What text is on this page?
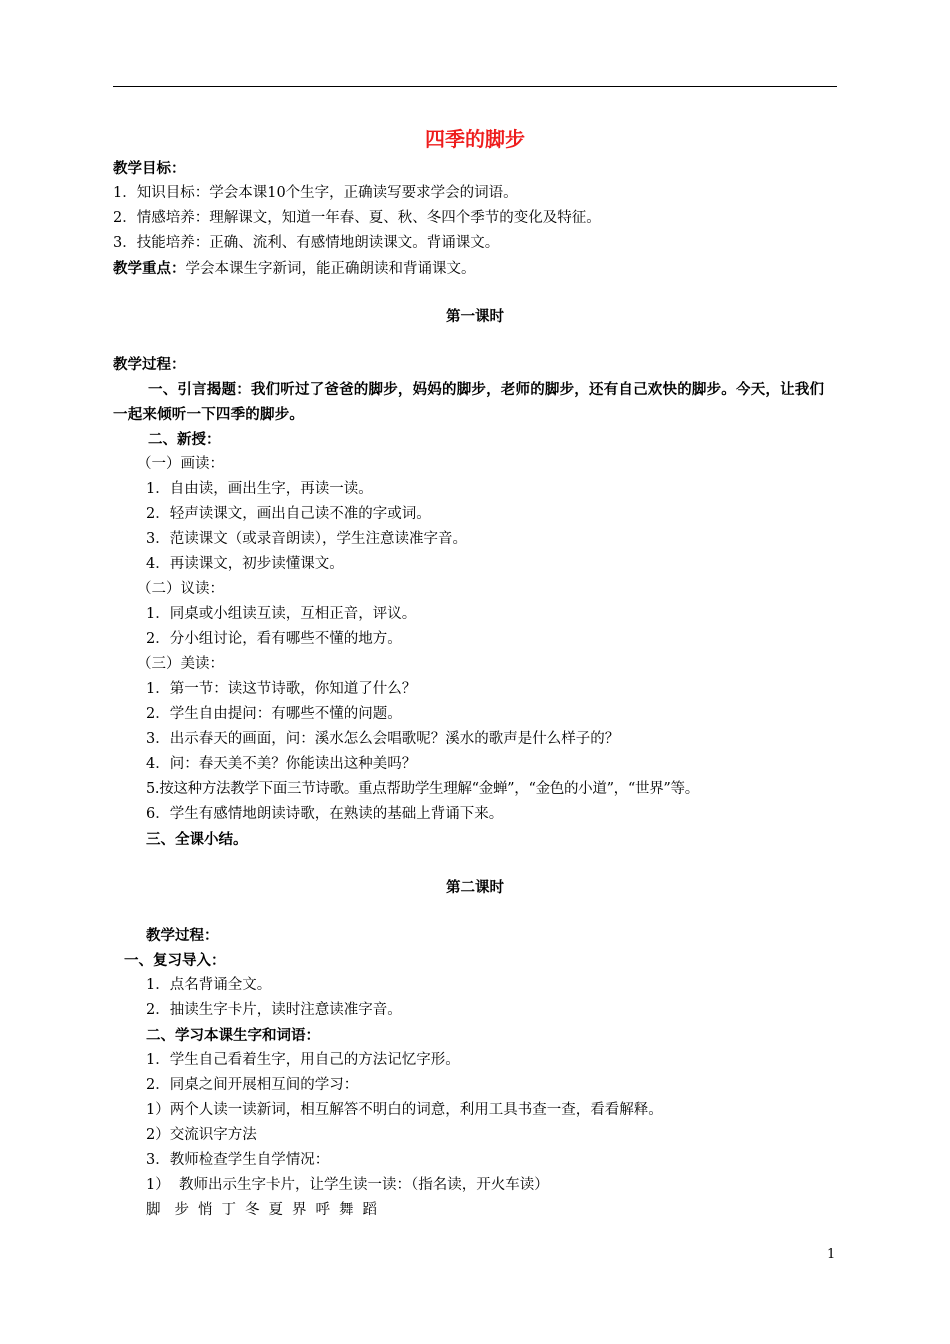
四季的脚步
教学目标：
1．知识目标：学会本课10个生字，正确读写要求学会的词语。
2．情感培养：理解课文，知道一年春、夏、秋、冬四个季节的变化及特征。
3．技能培养：正确、流利、有感情地朗读课文。背诵课文。
教学重点：学会本课生字新词，能正确朗读和背诵课文。
第一课时
教学过程：
一、引言揭题：我们听过了爸爸的脚步，妈妈的脚步，老师的脚步，还有自己欢快的脚步。今天，让我们一起来倾听一下四季的脚步。
二、新授：
（一）画读：
1．自由读，画出生字，再读一读。
2．轻声读课文，画出自己读不准的字或词。
3．范读课文（或录音朗读），学生注意读准字音。
4．再读课文，初步读懂课文。
（二）议读：
1．同桌或小组读互读，互相正音，评议。
2．分小组讨论，看有哪些不懂的地方。
（三）美读：
1．第一节：读这节诗歌，你知道了什么？
2．学生自由提问：有哪些不懂的问题。
3．出示春天的画面，问：溪水怎么会唱歌呢？溪水的歌声是什么样子的？
4．问：春天美不美？你能读出这种美吗？
5.按这种方法教学下面三节诗歌。重点帮助学生理解“金蝉”，“金色的小道”，“世界”等。
6．学生有感情地朗读诗歌，在熟读的基础上背诵下来。
三、全课小结。
第二课时
教学过程：
一、复习导入：
1．点名背诵全文。
2．抽读生字卡片，读时注意读准字音。
二、学习本课生字和词语：
1．学生自己看着生字，用自己的方法记忆字形。
2．同桌之间开展相互间的学习：
1）两个人读一读新词，相互解答不明白的词意，利用工具书查一查，看看解释。
2）交流识字方法
3．教师检查学生自学情况：
1）  教师出示生字卡片，让学生读一读：（指名读，开火车读）
脚 步 悄 丁 冬 夏 界 呼 舞 蹈
1
